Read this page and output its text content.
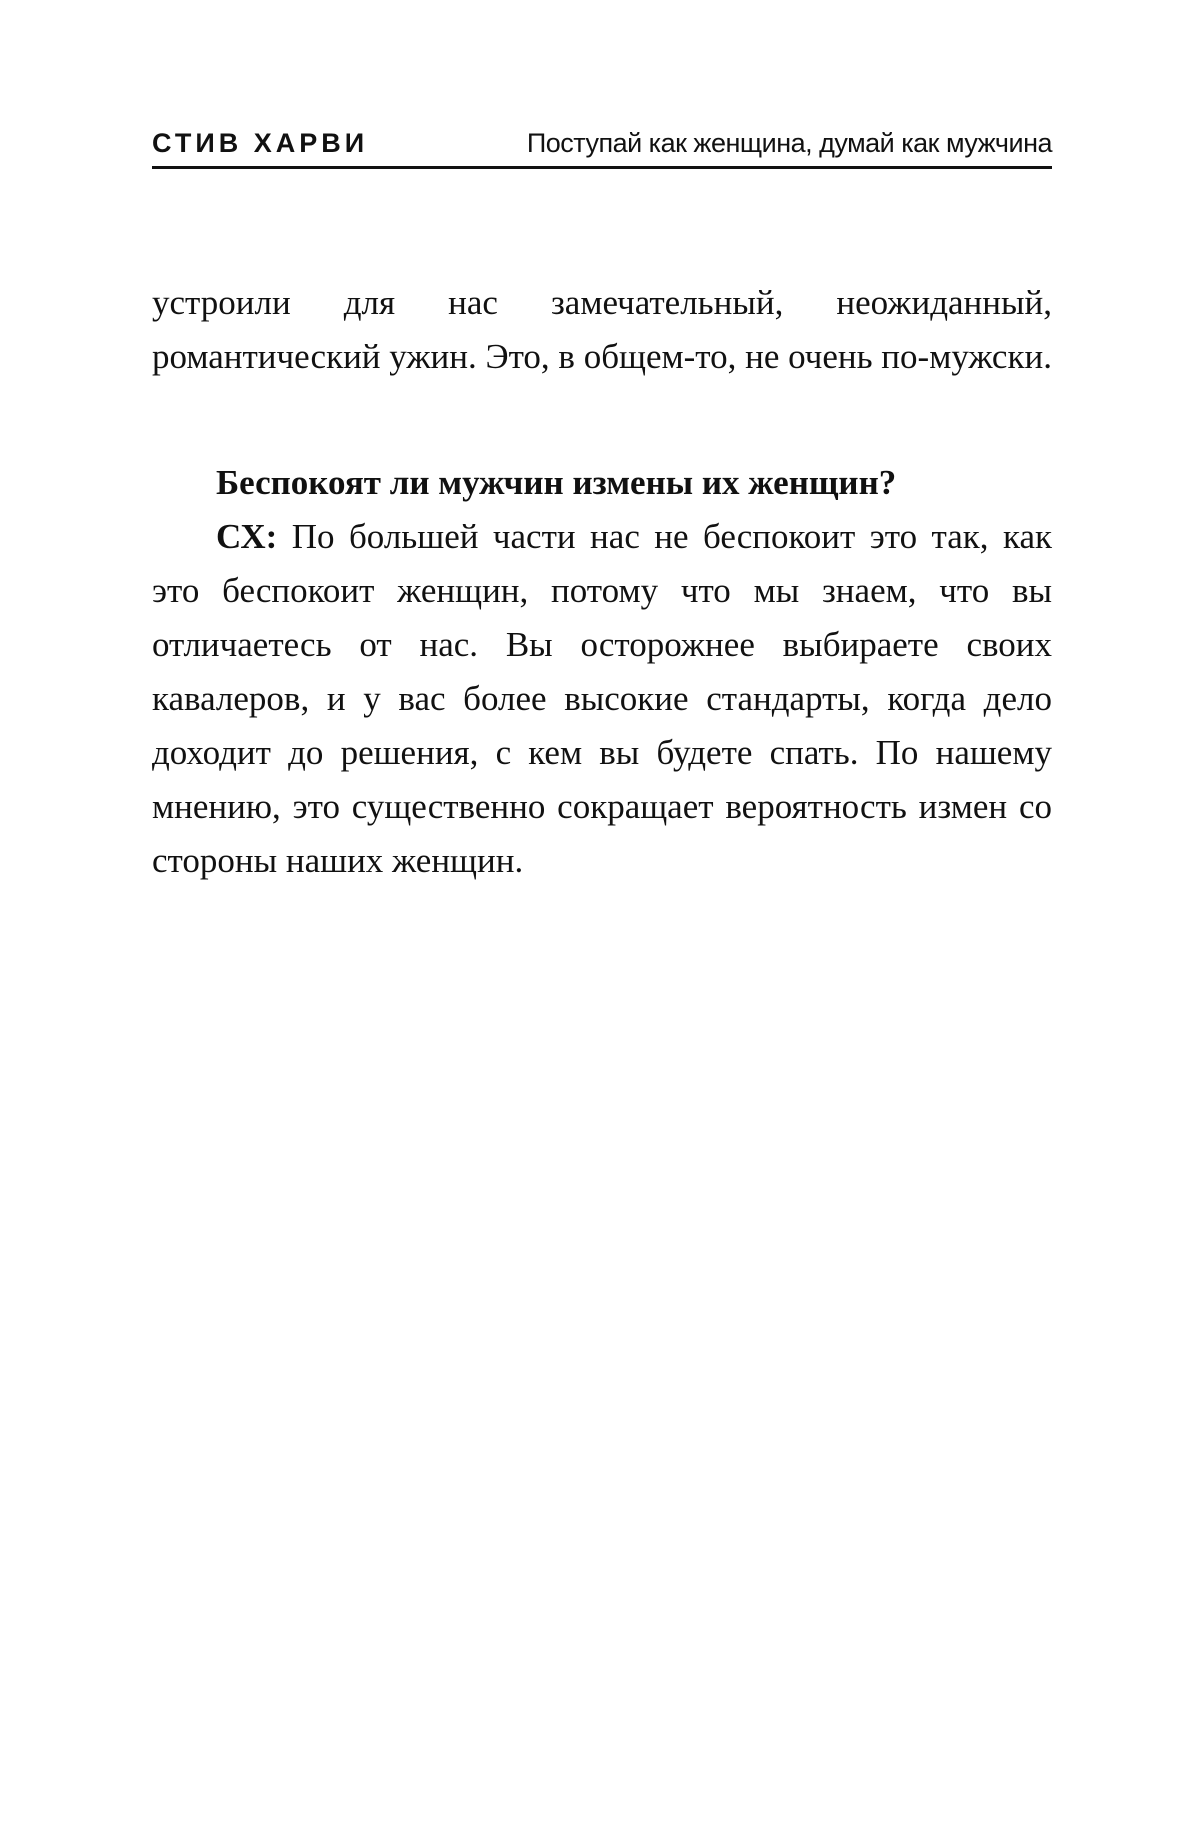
СТИВ ХАРВИ	Поступай как женщина, думай как мужчина

устроили для нас замечательный, неожиданный, романтический ужин. Это, в общем-то, не очень по-мужски.

Беспокоят ли мужчин измены их женщин?

СХ: По большей части нас не беспокоит это так, как это беспокоит женщин, потому что мы знаем, что вы отличаетесь от нас. Вы осторожнее выбираете своих кавалеров, и у вас более высокие стандарты, когда дело доходит до решения, с кем вы будете спать. По нашему мнению, это существенно сокращает вероятность измен со стороны наших женщин.
